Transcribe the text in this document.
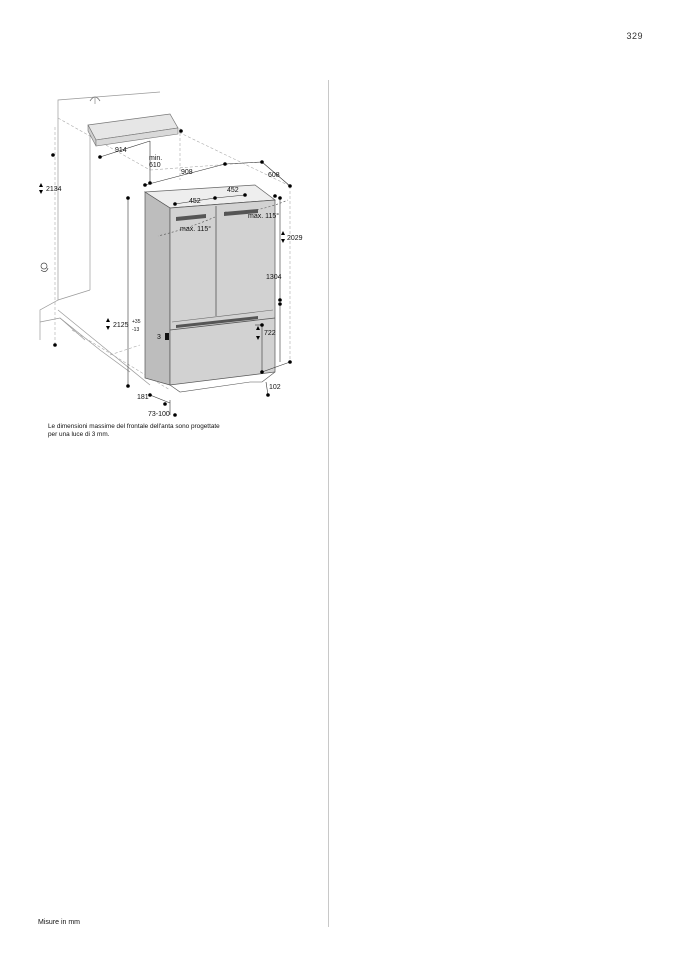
329
914
min.
610
908	608
452
452
2134
max. 115°
max. 115°
2029
1304
2125 +35
-13
3
722
102
181
73-100
Le dimensioni massime del frontale dell'anta sono progettate
per una luce di 3 mm.
Misure in mm
